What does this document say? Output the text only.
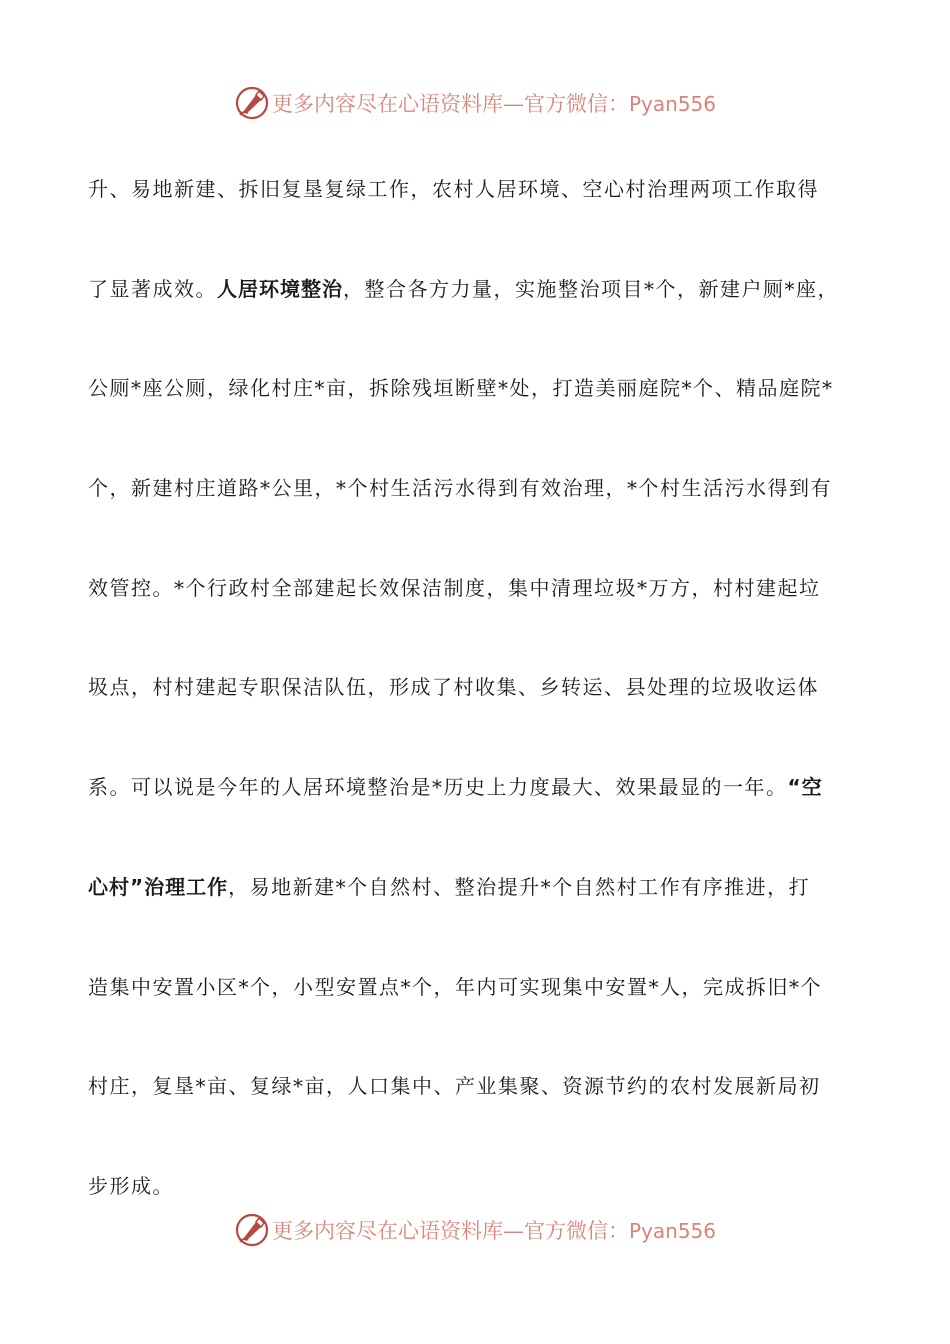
更多内容尽在心语资料库—官方微信：Pyan556
升、易地新建、拆旧复垦复绿工作，农村人居环境、空心村治理两项工作取得
了显著成效。人居环境整治，整合各方力量，实施整治项目*个，新建户厕*座，
公厕*座公厕，绿化村庄*亩，拆除残垣断壁*处，打造美丽庭院*个、精品庭院*
个，新建村庄道路*公里，*个村生活污水得到有效治理，*个村生活污水得到有
效管控。*个行政村全部建起长效保洁制度，集中清理垃圾*万方，村村建起垃
圾点，村村建起专职保洁队伍，形成了村收集、乡转运、县处理的垃圾收运体
系。可以说是今年的人居环境整治是*历史上力度最大、效果最显的一年。“空
心村”治理工作，易地新建*个自然村、整治提升*个自然村工作有序推进，打
造集中安置小区*个，小型安置点*个，年内可实现集中安置*人，完成拆旧*个
村庄，复垦*亩、复绿*亩，人口集中、产业集聚、资源节约的农村发展新局初
步形成。
更多内容尽在心语资料库—官方微信：Pyan556
